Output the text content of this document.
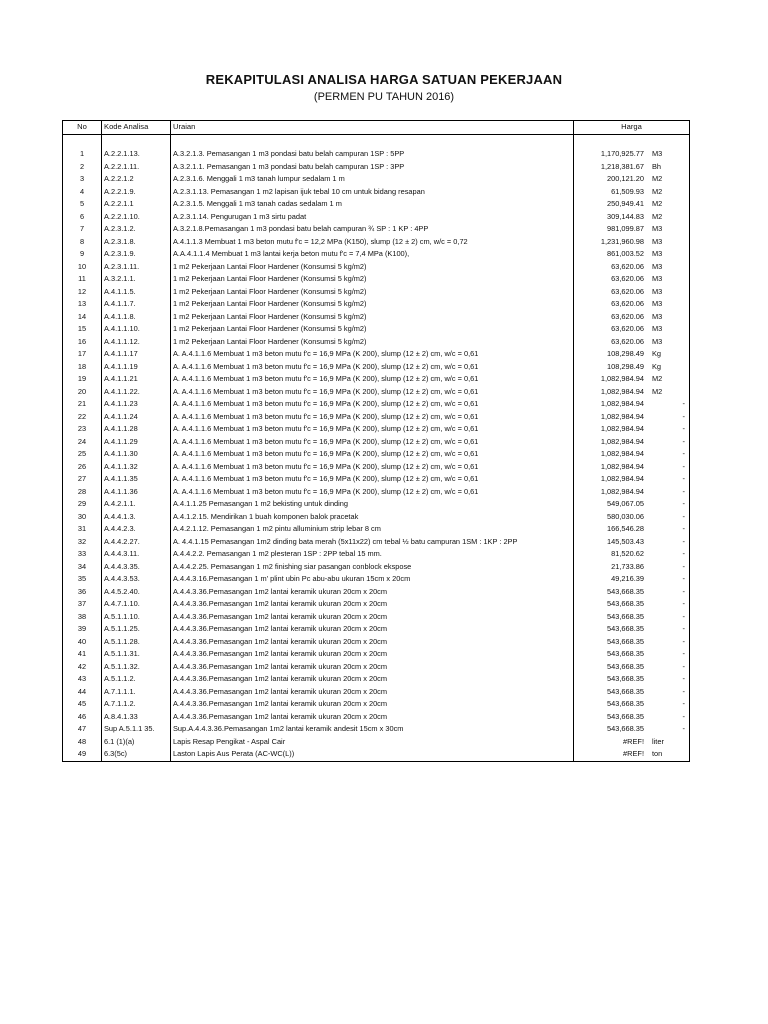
REKAPITULASI ANALISA HARGA SATUAN PEKERJAAN
(PERMEN PU TAHUN 2016)
No	Kode Analisa	Uraian	Harga

1	A.2.2.1.13.	A.3.2.1.3. Pemasangan 1 m3 pondasi batu belah campuran 1SP : 5PP	1,170,925.77 M3

2	A.2.2.1.11.	A.3.2.1.1. Pemasangan 1 m3 pondasi batu belah campuran 1SP : 3PP	1,218,381.67 Bh

3	A.2.2.1.2	A.2.3.1.6. Menggali 1 m3 tanah lumpur sedalam 1 m	200,121.20 M2

4	A.2.2.1.9.	A.2.3.1.13. Pemasangan 1 m2 lapisan ijuk tebal 10 cm untuk bidang resapan	61,509.93 M2

5	A.2.2.1.1	A.2.3.1.5. Menggali 1 m3 tanah cadas sedalam 1 m	250,949.41 M2

6	A.2.2.1.10.	A.2.3.1.14. Pengurugan 1 m3 sirtu padat	309,144.83 M2

7	A.2.3.1.2.	A.3.2.1.8.Pemasangan 1 m3 pondasi batu belah campuran ¾ SP : 1 KP : 4PP	981,099.87 M3

8	A.2.3.1.8.	A.4.1.1.3 Membuat 1 m3 beton mutu f'c = 12,2 MPa (K150), slump (12 ± 2) cm, w/c = 0,72	1,231,960.98 M3

9	A.2.3.1.9.	A.A.4.1.1.4 Membuat 1 m3 lantai kerja beton mutu f'c = 7,4 MPa (K100),	861,003.52 M3

10	A.2.3.1.11.	1 m2 Pekerjaan Lantai Floor Hardener (Konsumsi 5 kg/m2)	63,620.06 M3

11	A.3.2.1.1.	1 m2 Pekerjaan Lantai Floor Hardener (Konsumsi 5 kg/m2)	63,620.06 M3

12	A.4.1.1.5.	1 m2 Pekerjaan Lantai Floor Hardener (Konsumsi 5 kg/m2)	63,620.06 M3

13	A.4.1.1.7.	1 m2 Pekerjaan Lantai Floor Hardener (Konsumsi 5 kg/m2)	63,620.06 M3

14	A.4.1.1.8.	1 m2 Pekerjaan Lantai Floor Hardener (Konsumsi 5 kg/m2)	63,620.06 M3

15	A.4.1.1.10.	1 m2 Pekerjaan Lantai Floor Hardener (Konsumsi 5 kg/m2)	63,620.06 M3

16	A.4.1.1.12.	1 m2 Pekerjaan Lantai Floor Hardener (Konsumsi 5 kg/m2)	63,620.06 M3

17	A.4.1.1.17	A. A.4.1.1.6 Membuat 1 m3 beton mutu f'c = 16,9 MPa (K 200), slump (12 ± 2) cm, w/c = 0,61	108,298.49 Kg

18	A.4.1.1.19	A. A.4.1.1.6 Membuat 1 m3 beton mutu f'c = 16,9 MPa (K 200), slump (12 ± 2) cm, w/c = 0,61	108,298.49 Kg

19	A.4.1.1.21	A. A.4.1.1.6 Membuat 1 m3 beton mutu f'c = 16,9 MPa (K 200), slump (12 ± 2) cm, w/c = 0,61	1,082,984.94 M2

20	A.4.1.1.22.	A. A.4.1.1.6 Membuat 1 m3 beton mutu f'c = 16,9 MPa (K 200), slump (12 ± 2) cm, w/c = 0,61	1,082,984.94 M2

21	A.4.1.1.23	A. A.4.1.1.6 Membuat 1 m3 beton mutu f'c = 16,9 MPa (K 200), slump (12 ± 2) cm, w/c = 0,61	1,082,984.94 -

22	A.4.1.1.24	A. A.4.1.1.6 Membuat 1 m3 beton mutu f'c = 16,9 MPa (K 200), slump (12 ± 2) cm, w/c = 0,61	1,082,984.94 -

23	A.4.1.1.28	A. A.4.1.1.6 Membuat 1 m3 beton mutu f'c = 16,9 MPa (K 200), slump (12 ± 2) cm, w/c = 0,61	1,082,984.94 -

24	A.4.1.1.29	A. A.4.1.1.6 Membuat 1 m3 beton mutu f'c = 16,9 MPa (K 200), slump (12 ± 2) cm, w/c = 0,61	1,082,984.94 -

25	A.4.1.1.30	A. A.4.1.1.6 Membuat 1 m3 beton mutu f'c = 16,9 MPa (K 200), slump (12 ± 2) cm, w/c = 0,61	1,082,984.94 -

26	A.4.1.1.32	A. A.4.1.1.6 Membuat 1 m3 beton mutu f'c = 16,9 MPa (K 200), slump (12 ± 2) cm, w/c = 0,61	1,082,984.94 -

27	A.4.1.1.35	A. A.4.1.1.6 Membuat 1 m3 beton mutu f'c = 16,9 MPa (K 200), slump (12 ± 2) cm, w/c = 0,61	1,082,984.94 -

28	A.4.1.1.36	A. A.4.1.1.6 Membuat 1 m3 beton mutu f'c = 16,9 MPa (K 200), slump (12 ± 2) cm, w/c = 0,61	1,082,984.94 -

29	A.4.2.1.1.	A.4.1.1.25 Pemasangan 1 m2 bekisting untuk dinding	549,067.05 -

30	A.4.4.1.3.	A.4.1.2.15. Mendirikan 1 buah komponen balok pracetak	580,030.06 -

31	A.4.4.2.3.	A.4.2.1.12. Pemasangan 1 m2 pintu alluminium strip lebar 8 cm	166,546.28 -

32	A.4.4.2.27.	A. 4.4.1.15 Pemasangan 1m2 dinding bata merah (5x11x22) cm tebal ½ batu campuran 1SM : 1KP : 2PP	145,503.43 -

33	A.4.4.3.11.	A.4.4.2.2. Pemasangan 1 m2 plesteran 1SP : 2PP tebal 15 mm.	81,520.62 -

34	A.4.4.3.35.	A.4.4.2.25. Pemasangan 1 m2 finishing siar pasangan conblock ekspose	21,733.86 -

35	A.4.4.3.53.	A.4.4.3.16.Pemasangan 1 m' plint ubin Pc abu-abu ukuran 15cm x 20cm	49,216.39 -

36	A.4.5.2.40.	A.4.4.3.36.Pemasangan 1m2 lantai keramik ukuran 20cm x 20cm	543,668.35 -

37	A.4.7.1.10.	A.4.4.3.36.Pemasangan 1m2 lantai keramik ukuran 20cm x 20cm	543,668.35 -

38	A.5.1.1.10.	A.4.4.3.36.Pemasangan 1m2 lantai keramik ukuran 20cm x 20cm	543,668.35 -

39	A.5.1.1.25.	A.4.4.3.36.Pemasangan 1m2 lantai keramik ukuran 20cm x 20cm	543,668.35 -

40	A.5.1.1.28.	A.4.4.3.36.Pemasangan 1m2 lantai keramik ukuran 20cm x 20cm	543,668.35 -

41	A.5.1.1.31.	A.4.4.3.36.Pemasangan 1m2 lantai keramik ukuran 20cm x 20cm	543,668.35 -

42	A.5.1.1.32.	A.4.4.3.36.Pemasangan 1m2 lantai keramik ukuran 20cm x 20cm	543,668.35 -

43	A.5.1.1.2.	A.4.4.3.36.Pemasangan 1m2 lantai keramik ukuran 20cm x 20cm	543,668.35 -

44	A.7.1.1.1.	A.4.4.3.36.Pemasangan 1m2 lantai keramik ukuran 20cm x 20cm	543,668.35 -

45	A.7.1.1.2.	A.4.4.3.36.Pemasangan 1m2 lantai keramik ukuran 20cm x 20cm	543,668.35 -

46	A.8.4.1.33	A.4.4.3.36.Pemasangan 1m2 lantai keramik ukuran 20cm x 20cm	543,668.35 -

47	Sup A.5.1.1 35.	Sup.A.4.4.3.36.Pemasangan 1m2 lantai keramik andesit 15cm x 30cm	543,668.35 -

48	6.1 (1)(a)	Lapis Resap Pengikat - Aspal Cair	#REF! liter

49	6.3(5c)	Laston Lapis Aus Perata (AC-WC(L))	#REF! ton
